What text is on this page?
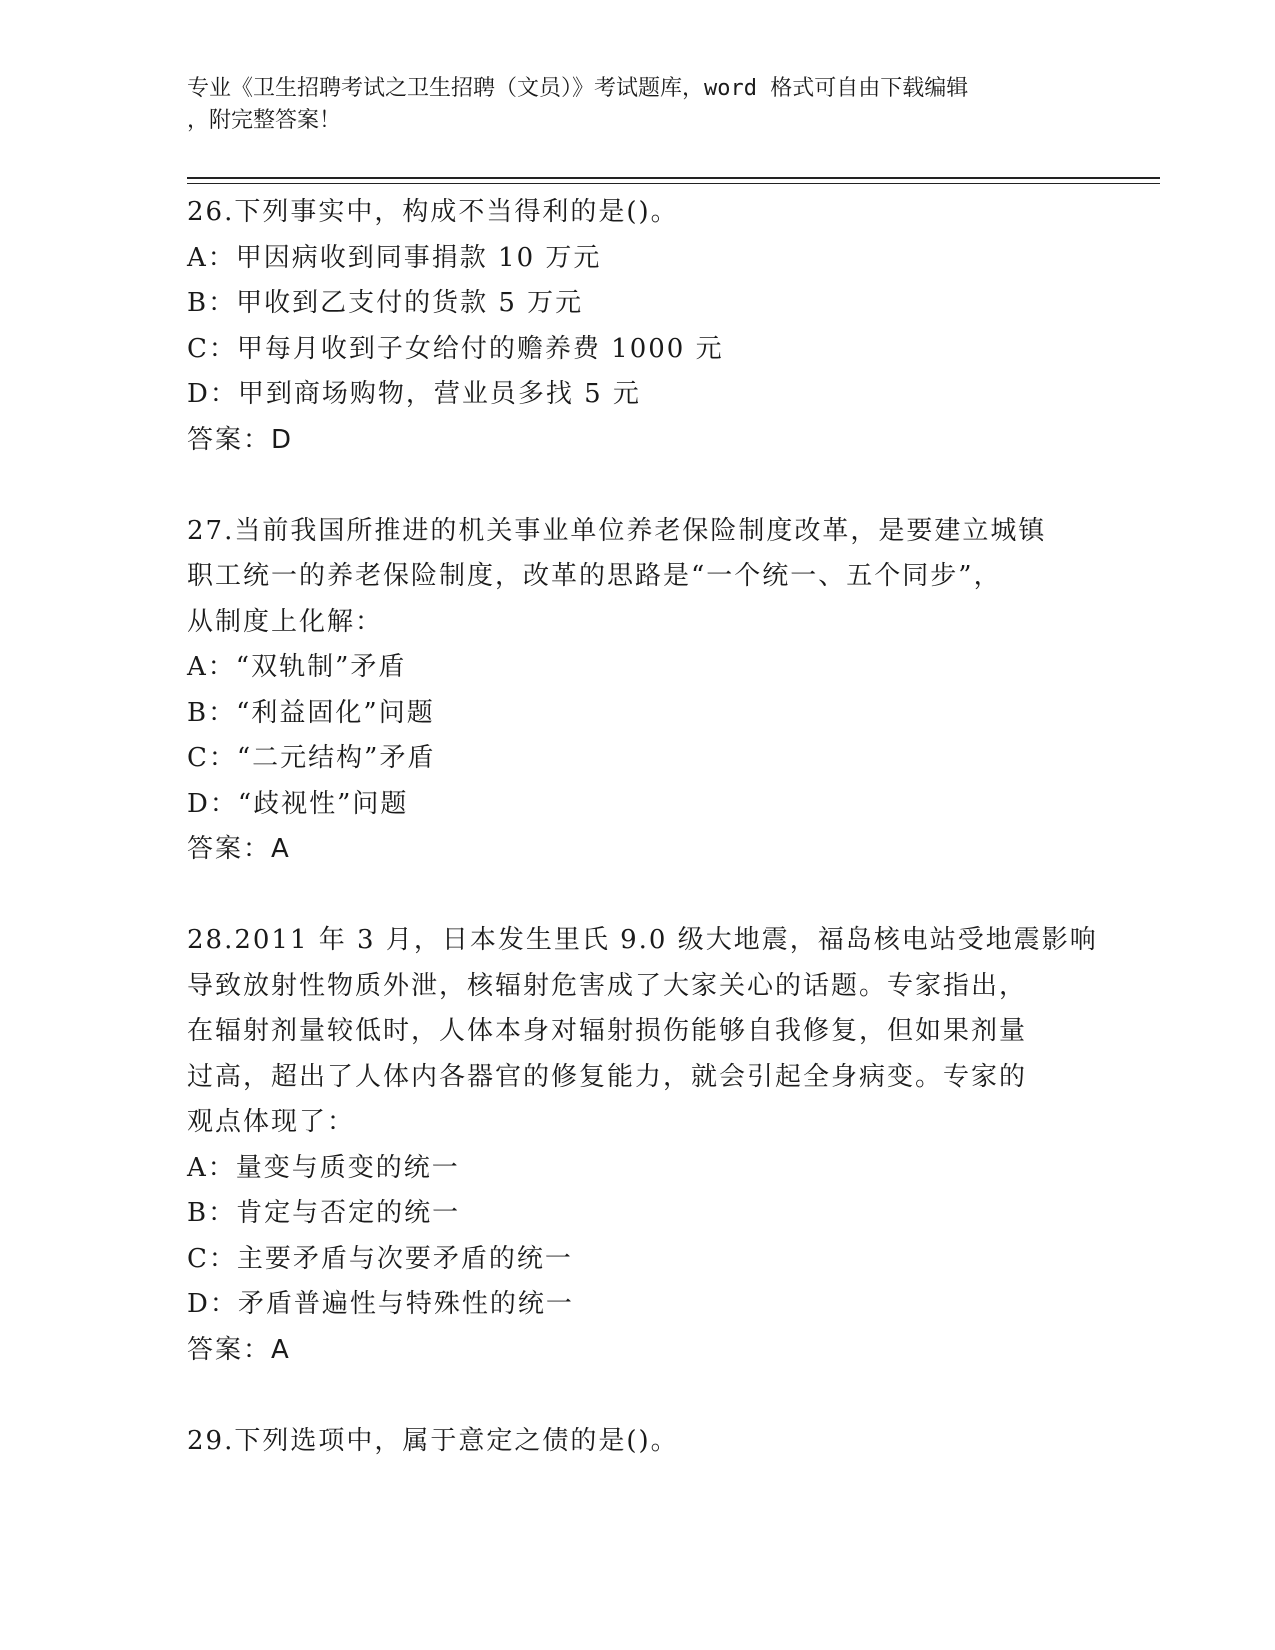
专业《卫生招聘考试之卫生招聘（文员）》考试题库，word 格式可自由下载编辑

，附完整答案！

26.下列事实中，构成不当得利的是()。
A：甲因病收到同事捐款 10 万元
B：甲收到乙支付的货款 5 万元
C：甲每月收到子女给付的赡养费 1000 元
D：甲到商场购物，营业员多找 5 元
答案：D
27.当前我国所推进的机关事业单位养老保险制度改革，是要建立城镇
职工统一的养老保险制度，改革的思路是“一个统一、五个同步”，
从制度上化解：
A：“双轨制”矛盾
B：“利益固化”问题
C：“二元结构”矛盾
D：“歧视性”问题
答案：A
28.2011 年 3 月，日本发生里氏 9.0 级大地震，福岛核电站受地震影响
导致放射性物质外泄，核辐射危害成了大家关心的话题。专家指出，
在辐射剂量较低时，人体本身对辐射损伤能够自我修复，但如果剂量
过高，超出了人体内各器官的修复能力，就会引起全身病变。专家的
观点体现了：
A：量变与质变的统一
B：肯定与否定的统一
C：主要矛盾与次要矛盾的统一
D：矛盾普遍性与特殊性的统一
答案：A
29.下列选项中，属于意定之债的是()。
